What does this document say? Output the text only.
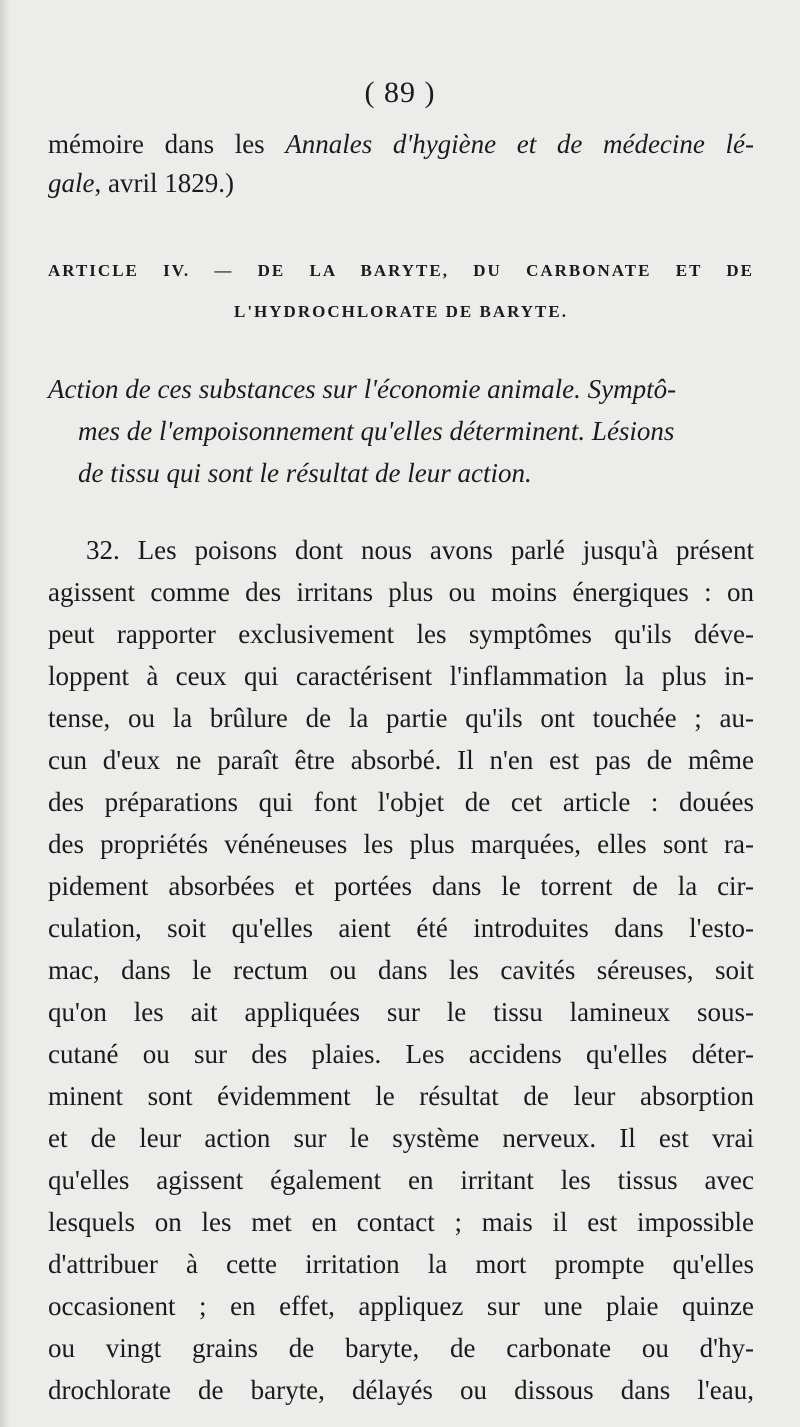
( 89 )
mémoire dans les Annales d'hygiène et de médecine lé-
gale, avril 1829.)
ARTICLE IV. — DE LA BARYTE, DU CARBONATE ET DE
L'HYDROCHLORATE DE BARYTE.
Action de ces substances sur l'économie animale. Symptô-
mes de l'empoisonnement qu'elles déterminent. Lésions
de tissu qui sont le résultat de leur action.
32. Les poisons dont nous avons parlé jusqu'à présent
agissent comme des irritans plus ou moins énergiques : on
peut rapporter exclusivement les symptômes qu'ils déve-
loppent à ceux qui caractérisent l'inflammation la plus in-
tense, ou la brûlure de la partie qu'ils ont touchée ; au-
cun d'eux ne paraît être absorbé. Il n'en est pas de même
des préparations qui font l'objet de cet article : douées
des propriétés vénéneuses les plus marquées, elles sont ra-
pidement absorbées et portées dans le torrent de la cir-
culation, soit qu'elles aient été introduites dans l'esto-
mac, dans le rectum ou dans les cavités séreuses, soit
qu'on les ait appliquées sur le tissu lamineux sous-
cutané ou sur des plaies. Les accidens qu'elles déter-
minent sont évidemment le résultat de leur absorption
et de leur action sur le système nerveux. Il est vrai
qu'elles agissent également en irritant les tissus avec
lesquels on les met en contact ; mais il est impossible
d'attribuer à cette irritation la mort prompte qu'elles
occasionent ; en effet, appliquez sur une plaie quinze
ou vingt grains de baryte, de carbonate ou d'hy-
drochlorate de baryte, délayés ou dissous dans l'eau,
